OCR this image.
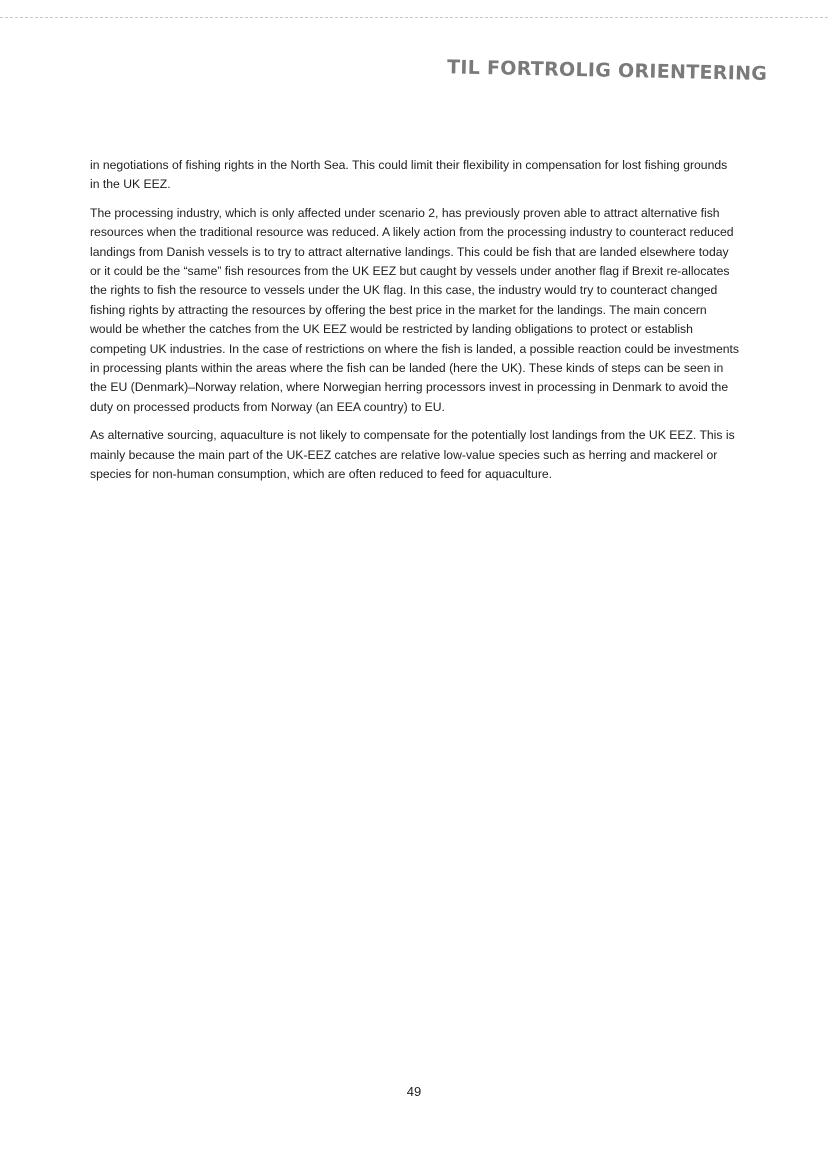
TIL FORTROLIG ORIENTERING

in negotiations of fishing rights in the North Sea. This could limit their flexibility in compensation for lost fishing grounds in the UK EEZ.

The processing industry, which is only affected under scenario 2, has previously proven able to attract alternative fish resources when the traditional resource was reduced. A likely action from the processing industry to counteract reduced landings from Danish vessels is to try to attract alternative landings. This could be fish that are landed elsewhere today or it could be the “same” fish resources from the UK EEZ but caught by vessels under another flag if Brexit re-allocates the rights to fish the resource to vessels under the UK flag. In this case, the industry would try to counteract changed fishing rights by attracting the resources by offering the best price in the market for the landings. The main concern would be whether the catches from the UK EEZ would be restricted by landing obligations to protect or establish competing UK industries. In the case of restrictions on where the fish is landed, a possible reaction could be investments in processing plants within the areas where the fish can be landed (here the UK). These kinds of steps can be seen in the EU (Denmark)–Norway relation, where Norwegian herring processors invest in processing in Denmark to avoid the duty on processed products from Norway (an EEA country) to EU.

As alternative sourcing, aquaculture is not likely to compensate for the potentially lost landings from the UK EEZ. This is mainly because the main part of the UK-EEZ catches are relative low-value species such as herring and mackerel or species for non-human consumption, which are often reduced to feed for aquaculture.

49
